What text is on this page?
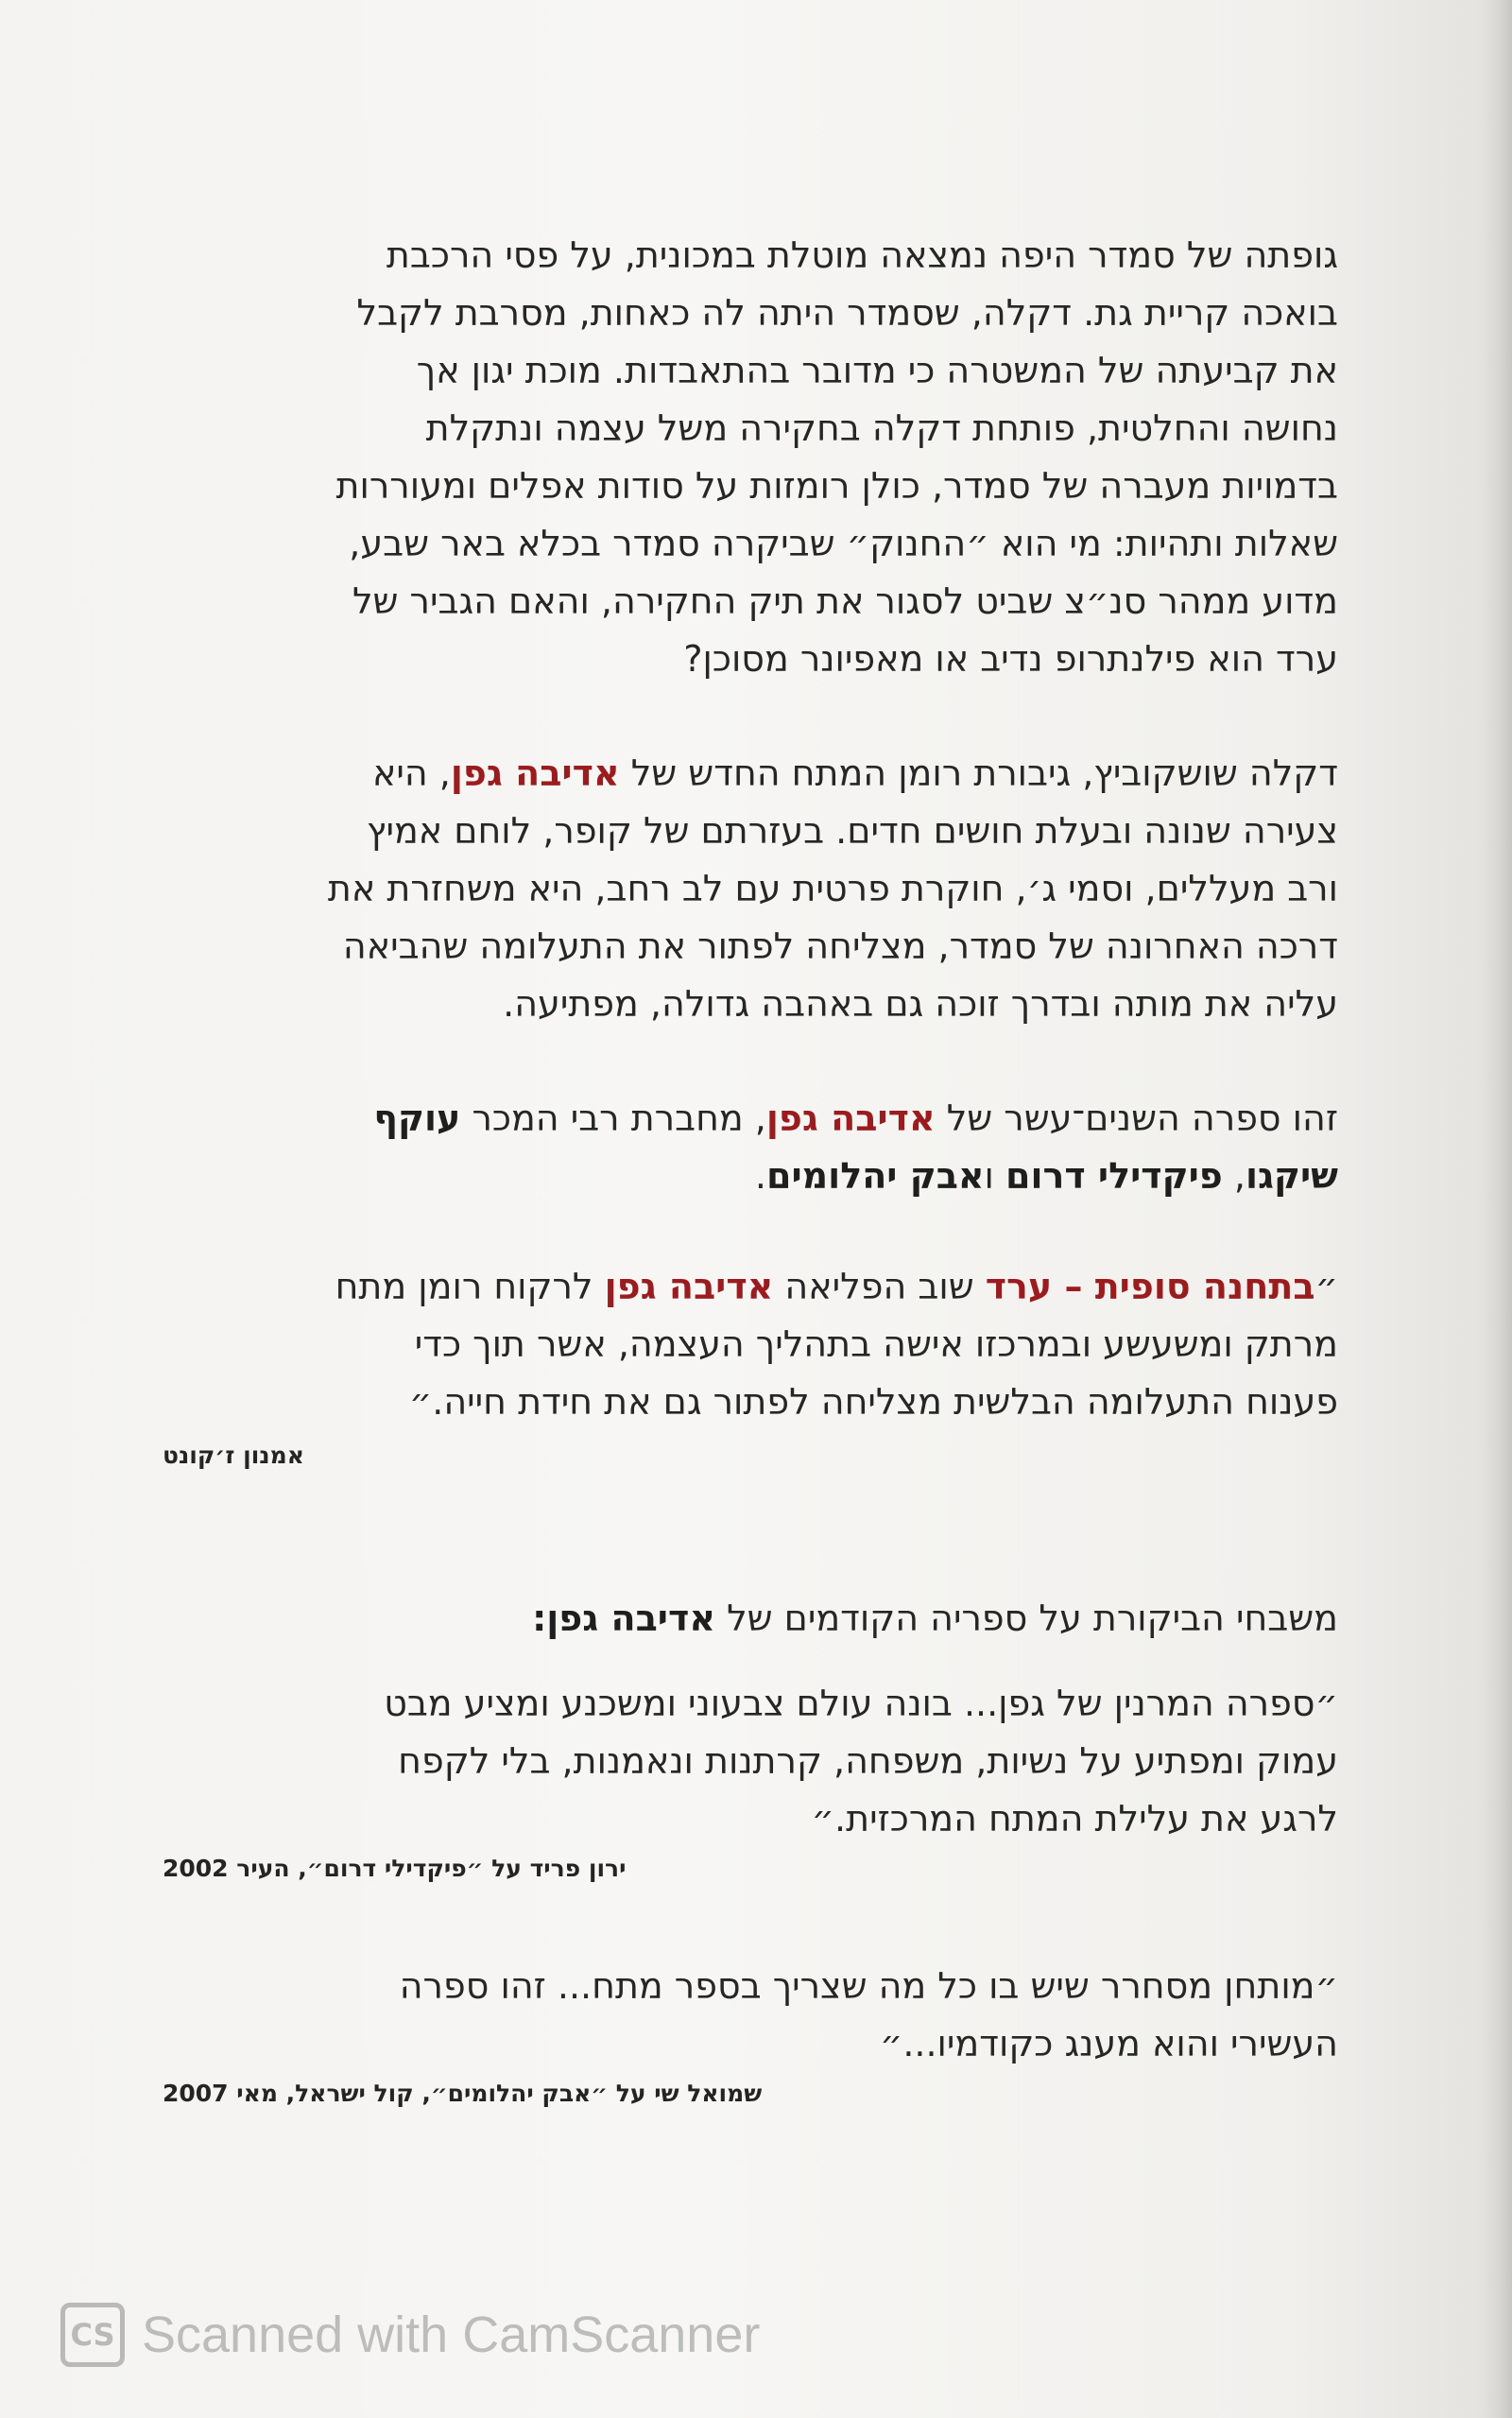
גופתה של סמדר היפה נמצאה מוטלת במכונית, על פסי הרכבת
בואכה קריית גת. דקלה, שסמדר היתה לה כאחות, מסרבת לקבל
את קביעתה של המשטרה כי מדובר בהתאבדות. מוכת יגון אך
נחושה והחלטית, פותחת דקלה בחקירה משל עצמה ונתקלת
בדמויות מעברה של סמדר, כולן רומזות על סודות אפלים ומעוררות
שאלות ותהיות: מי הוא ״החנוק״ שביקרה סמדר בכלא באר שבע,
מדוע ממהר סנ״צ שביט לסגור את תיק החקירה, והאם הגביר של
ערד הוא פילנתרופ נדיב או מאפיונר מסוכן?
דקלה שושקוביץ, גיבורת רומן המתח החדש של אדיבה גפן, היא
צעירה שנונה ובעלת חושים חדים. בעזרתם של קופר, לוחם אמיץ
ורב מעללים, וסמי ג׳, חוקרת פרטית עם לב רחב, היא משחזרת את
דרכה האחרונה של סמדר, מצליחה לפתור את התעלומה שהביאה
עליה את מותה ובדרך זוכה גם באהבה גדולה, מפתיעה.
זהו ספרה השנים־עשר של אדיבה גפן, מחברת רבי המכר עוקף
שיקגו, פיקדילי דרום ואבק יהלומים.
״בתחנה סופית – ערד שוב הפליאה אדיבה גפן לרקוח רומן מתח
מרתק ומשעשע ובמרכזו אישה בתהליך העצמה, אשר תוך כדי
פענוח התעלומה הבלשית מצליחה לפתור גם את חידת חייה.״
אמנון ז׳קונט
משבחי הביקורת על ספריה הקודמים של אדיבה גפן:
״ספרה המרנין של גפן... בונה עולם צבעוני ומשכנע ומציע מבט
עמוק ומפתיע על נשיות, משפחה, קרתנות ונאמנות, בלי לקפח
לרגע את עלילת המתח המרכזית.״
ירון פריד על ״פיקדילי דרום״, העיר 2002
״מותחן מסחרר שיש בו כל מה שצריך בספר מתח... זהו ספרה
העשירי והוא מענג כקודמיו...״
שמואל שי על ״אבק יהלומים״, קול ישראל, מאי 2007
CS Scanned with CamScanner
